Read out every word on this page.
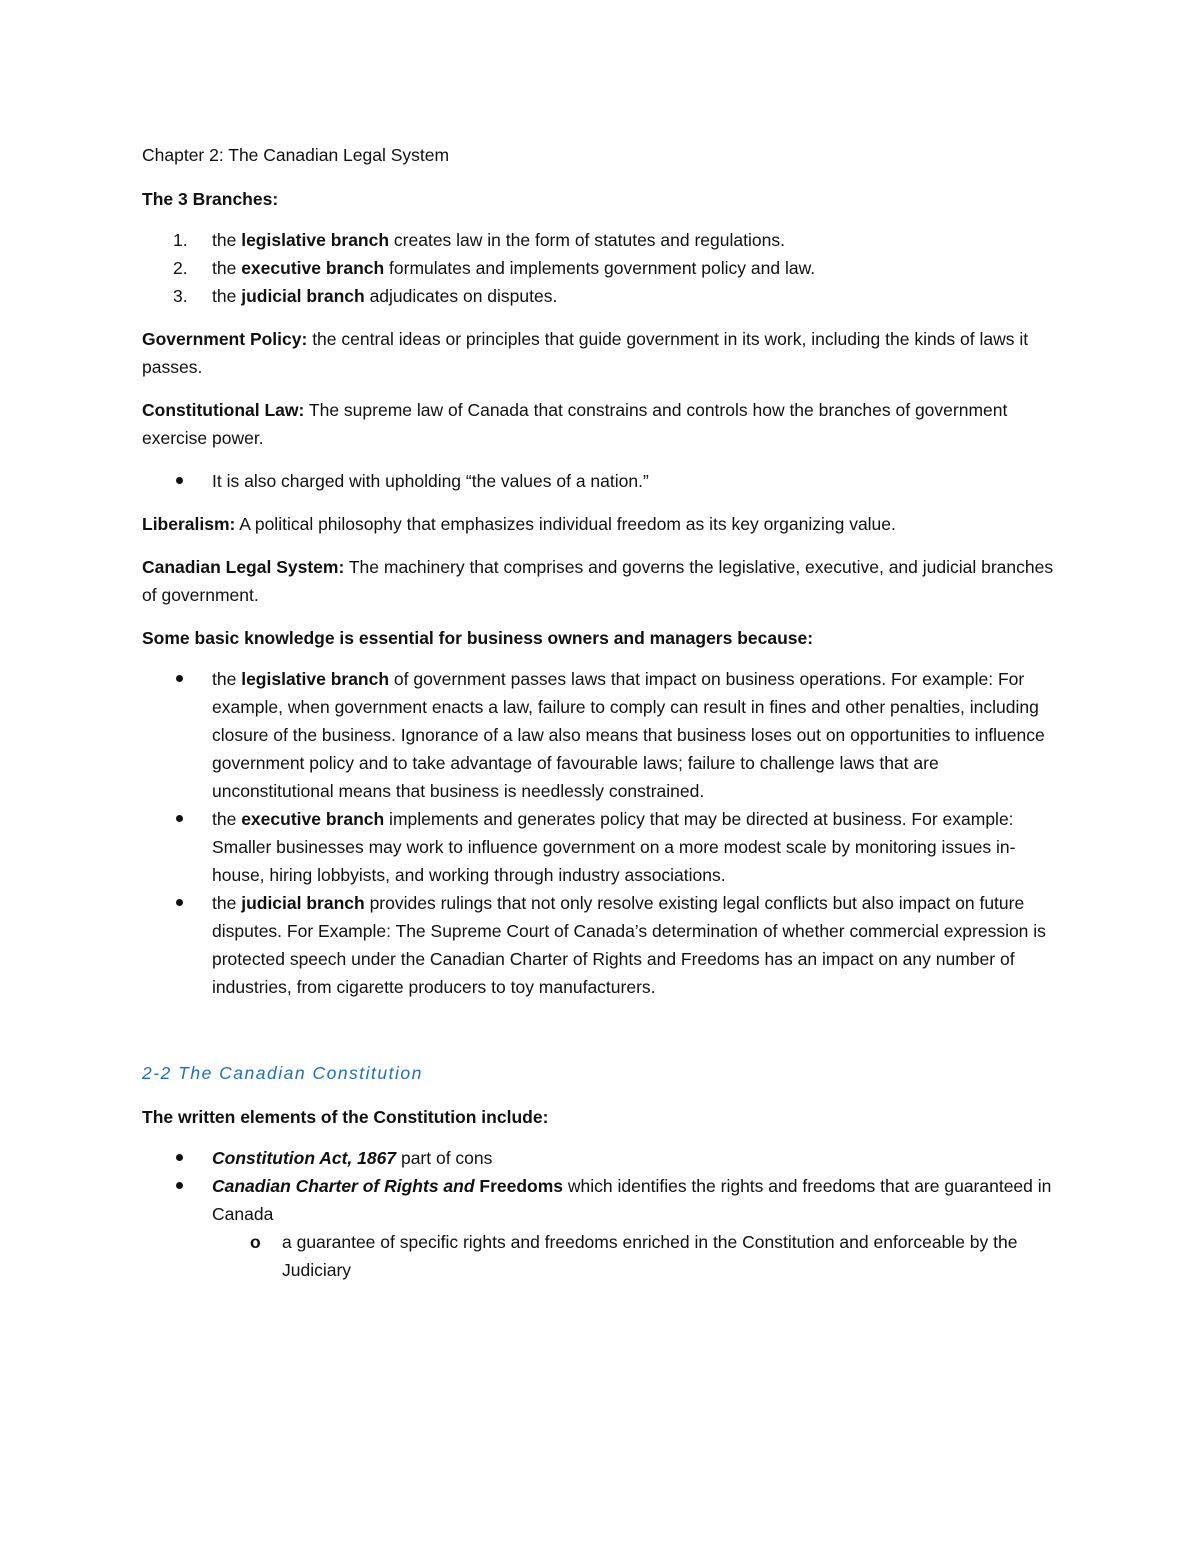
Chapter 2: The Canadian Legal System

The 3 Branches:

1. the legislative branch creates law in the form of statutes and regulations.
2. the executive branch formulates and implements government policy and law.
3. the judicial branch adjudicates on disputes.

Government Policy: the central ideas or principles that guide government in its work, including the kinds of laws it passes.

Constitutional Law: The supreme law of Canada that constrains and controls how the branches of government exercise power.

It is also charged with upholding “the values of a nation.”

Liberalism: A political philosophy that emphasizes individual freedom as its key organizing value.

Canadian Legal System: The machinery that comprises and governs the legislative, executive, and judicial branches of government.

Some basic knowledge is essential for business owners and managers because:

the legislative branch of government passes laws that impact on business operations. For example: For example, when government enacts a law, failure to comply can result in fines and other penalties, including closure of the business. Ignorance of a law also means that business loses out on opportunities to influence government policy and to take advantage of favourable laws; failure to challenge laws that are unconstitutional means that business is needlessly constrained.
the executive branch implements and generates policy that may be directed at business. For example: Smaller businesses may work to influence government on a more modest scale by monitoring issues in-house, hiring lobbyists, and working through industry associations.
the judicial branch provides rulings that not only resolve existing legal conflicts but also impact on future disputes. For Example: The Supreme Court of Canada’s determination of whether commercial expression is protected speech under the Canadian Charter of Rights and Freedoms has an impact on any number of industries, from cigarette producers to toy manufacturers.

2-2 The Canadian Constitution

The written elements of the Constitution include:

Constitution Act, 1867 part of cons
Canadian Charter of Rights and Freedoms which identifies the rights and freedoms that are guaranteed in Canada
o a guarantee of specific rights and freedoms enriched in the Constitution and enforceable by the Judiciary
